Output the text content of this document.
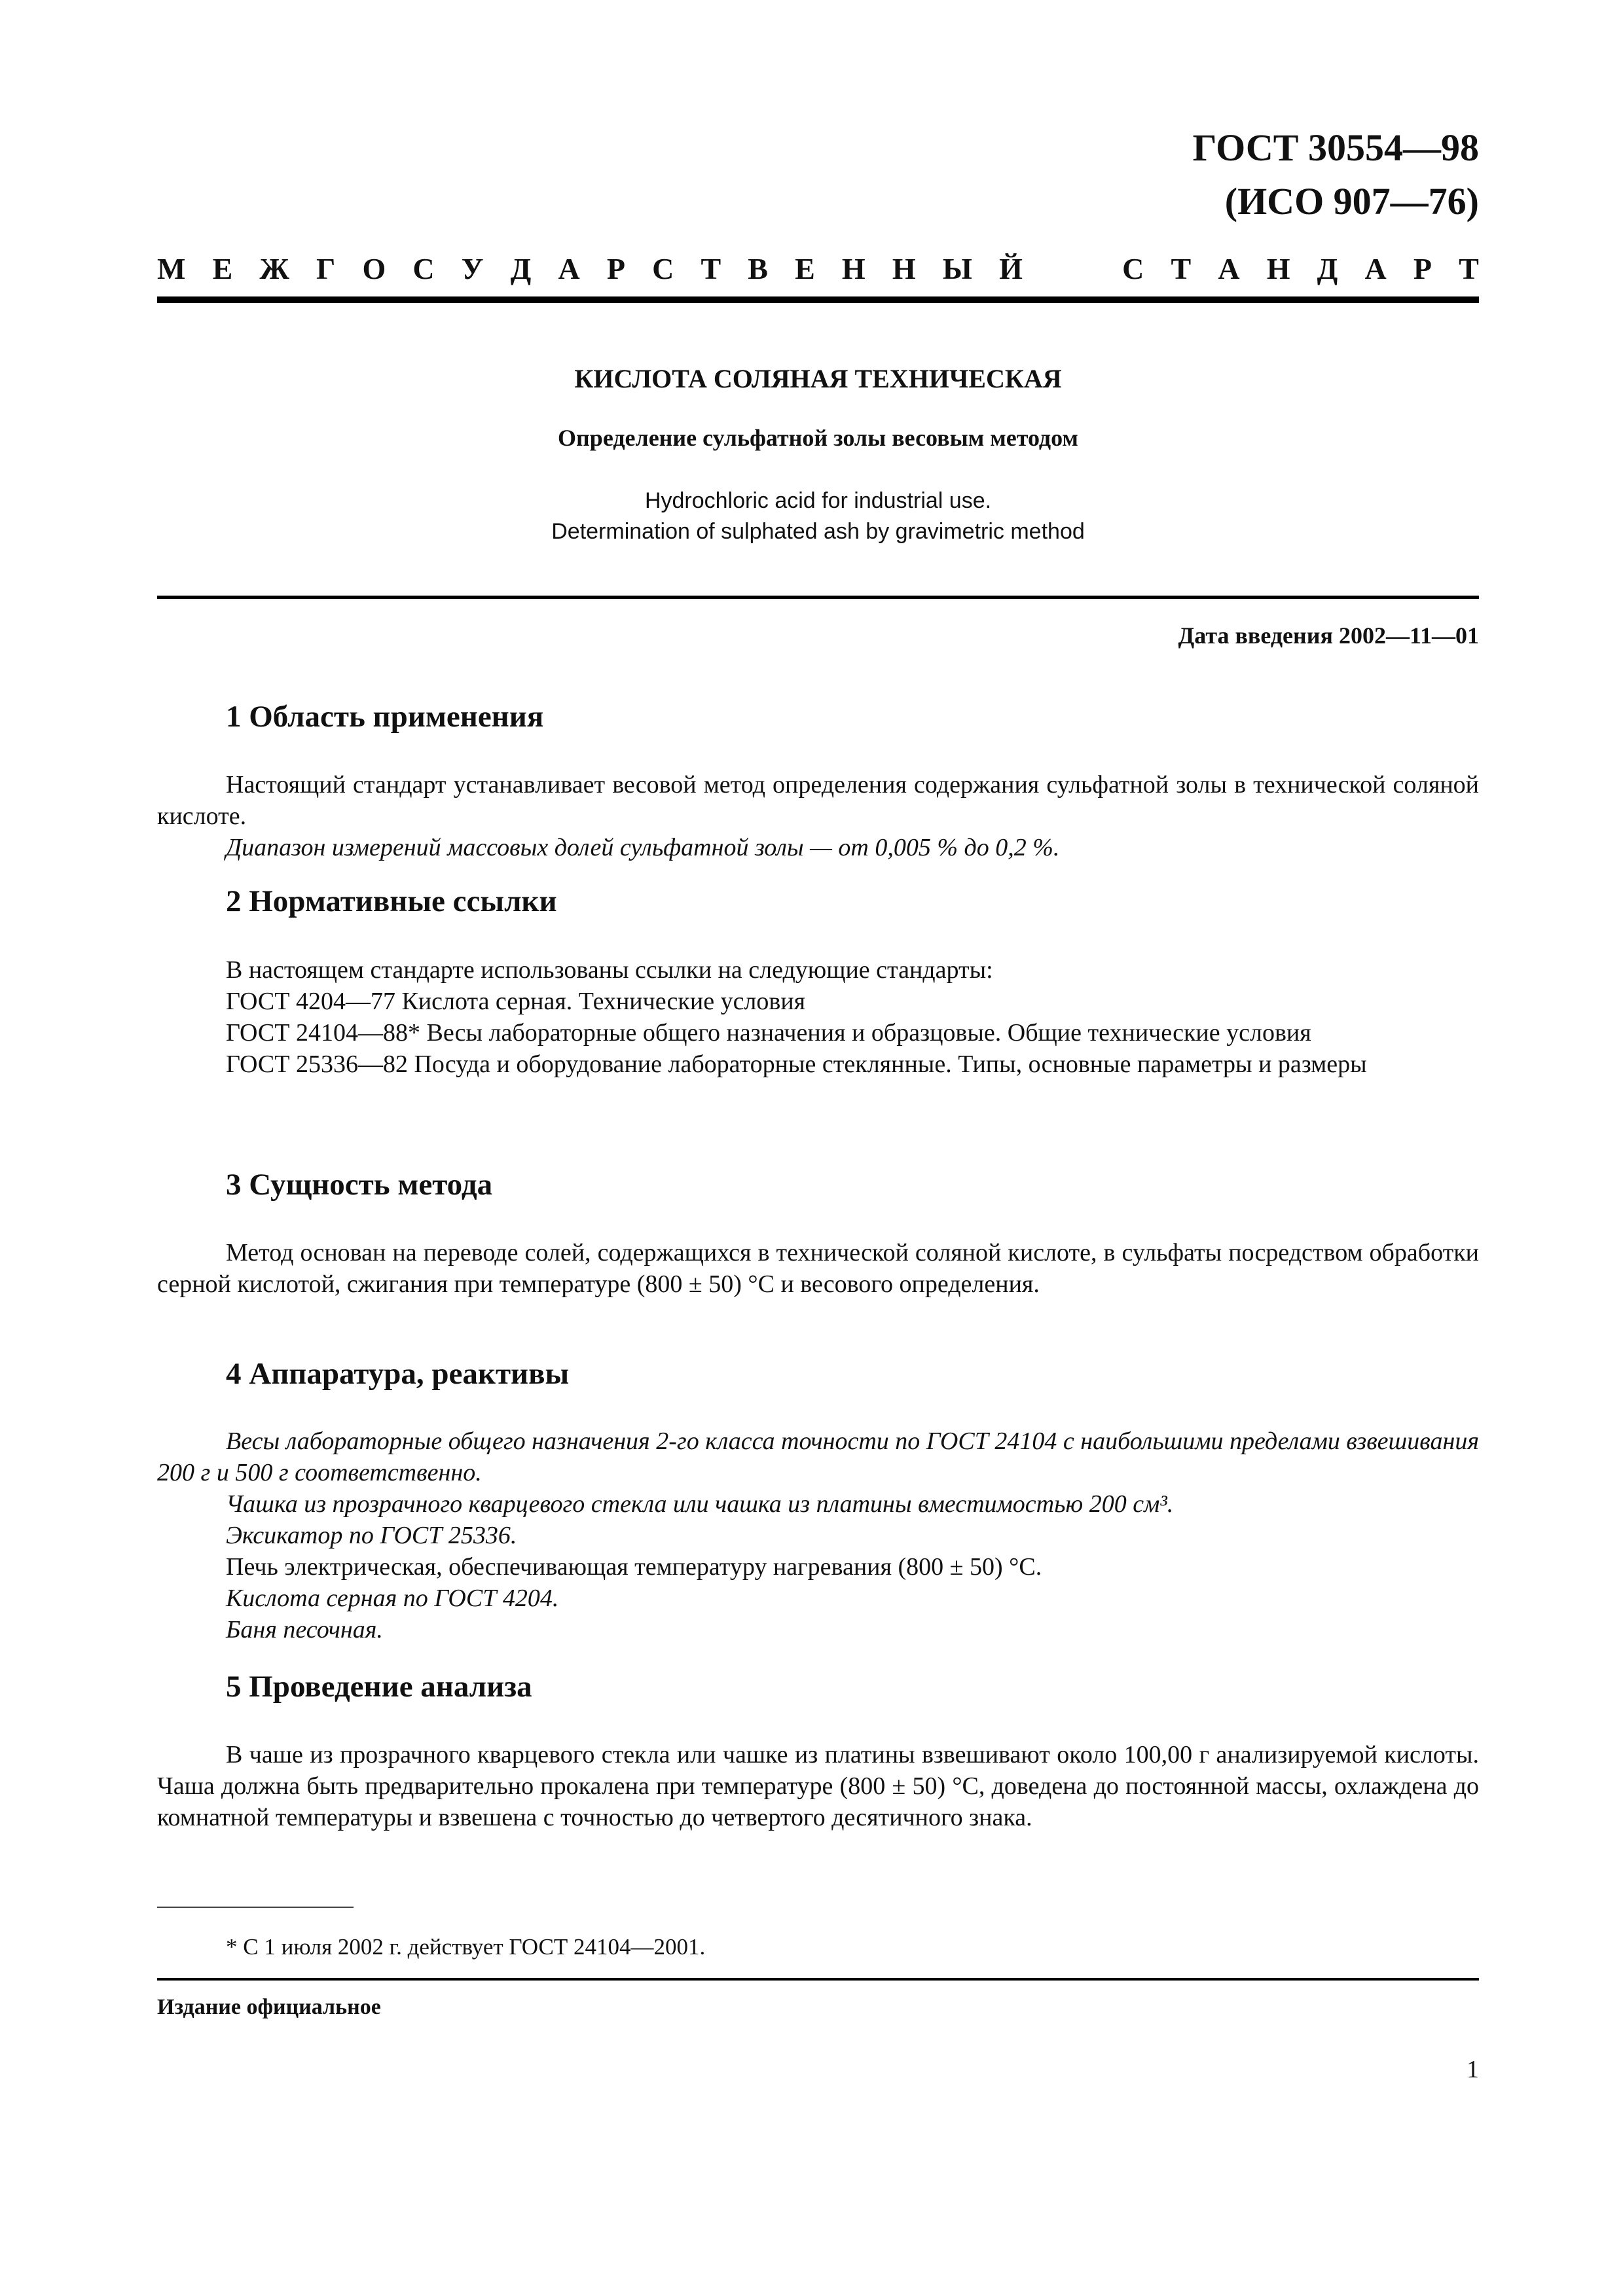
ГОСТ 30554—98
(ИСО 907—76)
М Е Ж Г О С У Д А Р С Т В Е Н Н Ы Й	С Т А Н Д А Р Т
КИСЛОТА СОЛЯНАЯ ТЕХНИЧЕСКАЯ
Определение сульфатной золы весовым методом
Hydrochloric acid for industrial use.
Determination of sulphated ash by gravimetric method
Дата введения 2002—11—01
1 Область применения

Настоящий стандарт устанавливает весовой метод определения содержания сульфатной золы в технической соляной кислоте.

Диапазон измерений массовых долей сульфатной золы — от 0,005 % до 0,2 %.

2 Нормативные ссылки

В настоящем стандарте использованы ссылки на следующие стандарты:

ГОСТ 4204—77 Кислота серная. Технические условия

ГОСТ 24104—88* Весы лабораторные общего назначения и образцовые. Общие технические условия

ГОСТ 25336—82 Посуда и оборудование лабораторные стеклянные. Типы, основные параметры и размеры

3 Сущность метода

Метод основан на переводе солей, содержащихся в технической соляной кислоте, в сульфаты посредством обработки серной кислотой, сжигания при температуре (800 ± 50) °С и весового определения.

4 Аппаратура, реактивы

Весы лабораторные общего назначения 2-го класса точности по ГОСТ 24104 с наибольшими пределами взвешивания 200 г и 500 г соответственно.

Чашка из прозрачного кварцевого стекла или чашка из платины вместимостью 200 см³.

Эксикатор по ГОСТ 25336.

Печь электрическая, обеспечивающая температуру нагревания (800 ± 50) °С.

Кислота серная по ГОСТ 4204.

Баня песочная.

5 Проведение анализа

В чаше из прозрачного кварцевого стекла или чашке из платины взвешивают около 100,00 г анализируемой кислоты. Чаша должна быть предварительно прокалена при температуре (800 ± 50) °С, доведена до постоянной массы, охлаждена до комнатной температуры и взвешена с точностью до четвертого десятичного знака.

* С 1 июля 2002 г. действует ГОСТ 24104—2001.
Издание официальное
1
